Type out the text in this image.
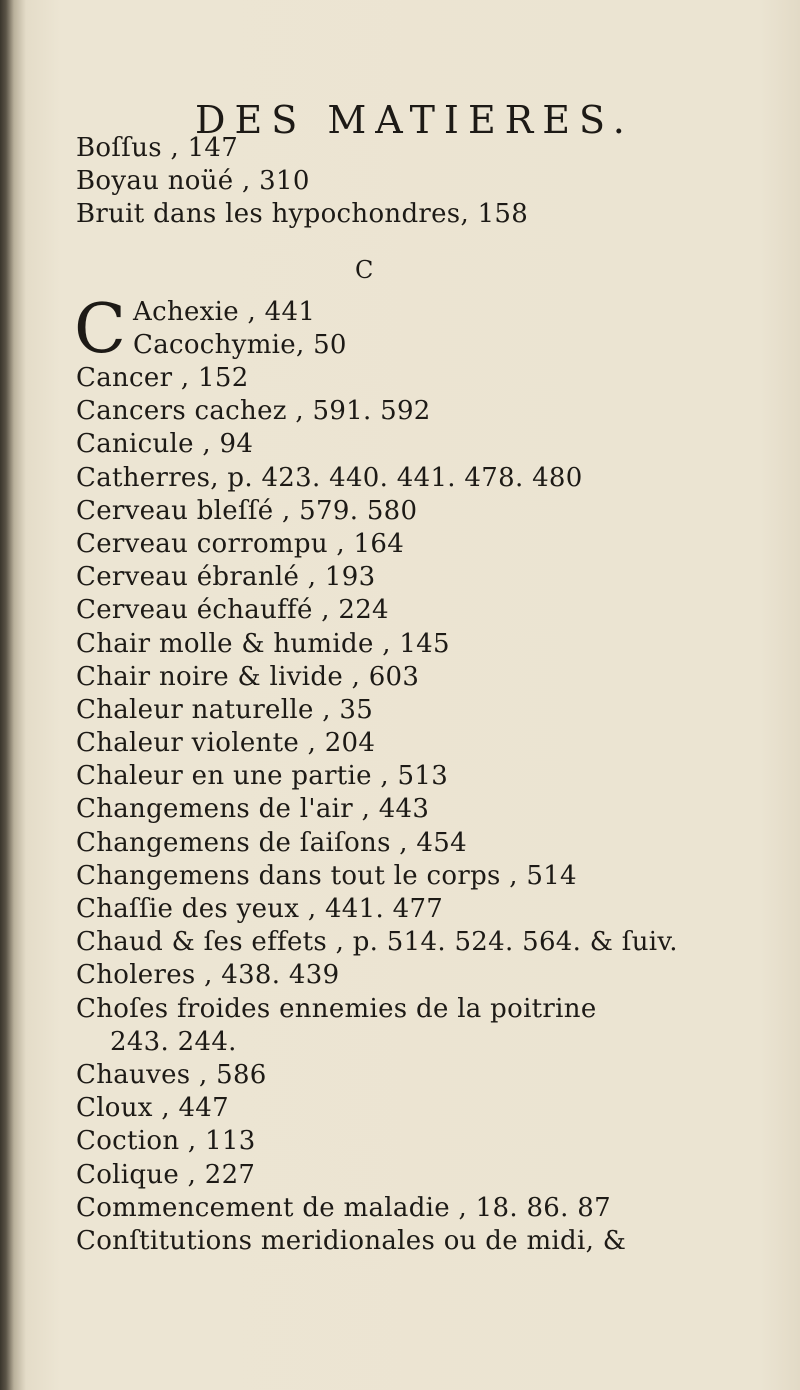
DES MATIERES.
Boſſus , 147
Boyau noüé , 310
Bruit dans les hypochondres, 158
C
C Achexie , 441
Cacochymie, 50
Cancer , 152
Cancers cachez , 591. 592
Canicule , 94
Catherres, p. 423. 440. 441. 478. 480
Cerveau bleſſé , 579. 580
Cerveau corrompu , 164
Cerveau ébranlé , 193
Cerveau échauffé , 224
Chair molle & humide , 145
Chair noire & livide , 603
Chaleur naturelle , 35
Chaleur violente , 204
Chaleur en une partie , 513
Changemens de l'air , 443
Changemens de ſaiſons , 454
Changemens dans tout le corps , 514
Chaſſie des yeux , 441. 477
Chaud & ſes effets , p. 514. 524. 564. & ſuiv.
Choleres , 438. 439
Choſes froides ennemies de la poitrine
243. 244.
Chauves , 586
Cloux , 447
Coction , 113
Colique , 227
Commencement de maladie , 18. 86. 87
Conſtitutions meridionales ou de midi, &
